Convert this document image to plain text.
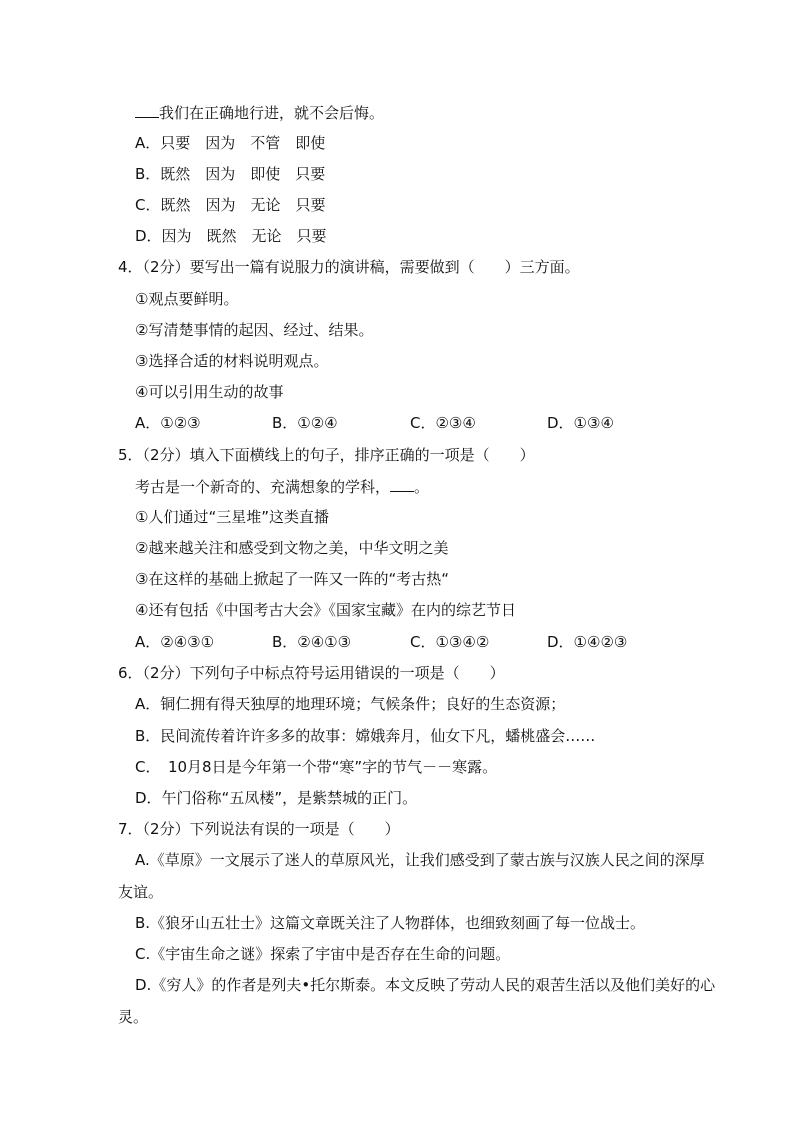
我们在正确地行进，就不会后悔。
A．只要　因为　不管　即使
B．既然　因为　即使　只要
C．既然　因为　无论　只要
D．因为　既然　无论　只要
4．（2分）要写出一篇有说服力的演讲稿，需要做到（　　）三方面。
①观点要鲜明。
②写清楚事情的起因、经过、结果。
③选择合适的材料说明观点。
④可以引用生动的故事
A．①②③	B．①②④	C．②③④	D．①③④
5．（2分）填入下面横线上的句子，排序正确的一项是（　　）
考古是一个新奇的、充满想象的学科， 。
①人们通过“三星堆”这类直播
②越来越关注和感受到文物之美，中华文明之美
③在这样的基础上掀起了一阵又一阵的“考古热“
④还有包括《中国考古大会》《国家宝藏》在内的综艺节日
A．②④③①	B．②④①③	C．①③④②	D．①④②③
6．（2分）下列句子中标点符号运用错误的一项是（　　）
A．铜仁拥有得天独厚的地理环境；气候条件；良好的生态资源；
B．民间流传着许许多多的故事：嫦娥奔月，仙女下凡，蟠桃盛会……
C．　10月8日是今年第一个带“寒”字的节气－－寒露。
D．午门俗称“五凤楼”，是紫禁城的正门。
7．（2分）下列说法有误的一项是（　　）
A.《草原》一文展示了迷人的草原风光，让我们感受到了蒙古族与汉族人民之间的深厚
友谊。
B.《狼牙山五壮士》这篇文章既关注了人物群体，也细致刻画了每一位战士。
C.《宇宙生命之谜》探索了宇宙中是否存在生命的问题。
D.《穷人》的作者是列夫•托尔斯泰。本文反映了劳动人民的艰苦生活以及他们美好的心
灵。
